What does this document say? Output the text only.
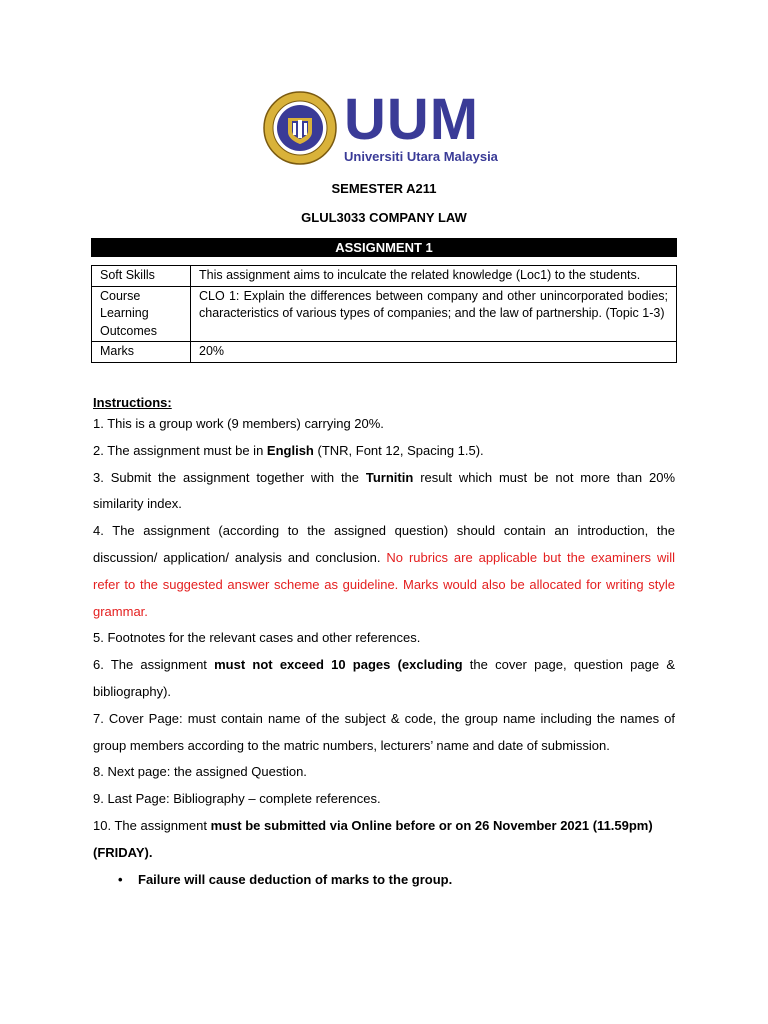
UUM
Universiti Utara Malaysia
SEMESTER A211
GLUL3033 COMPANY LAW
ASSIGNMENT 1
Soft Skills	This assignment aims to inculcate the related knowledge (Loc1) to the students.
Course Learning Outcomes	CLO 1: Explain the differences between company and other unincorporated bodies; characteristics of various types of companies; and the law of partnership. (Topic 1-3)
Marks	20%
Instructions:

1. This is a group work (9 members) carrying 20%.

2. The assignment must be in English (TNR, Font 12, Spacing 1.5).

3. Submit the assignment together with the Turnitin result which must be not more than 20% similarity index.

4. The assignment (according to the assigned question) should contain an introduction, the discussion/ application/ analysis and conclusion. No rubrics are applicable but the examiners will refer to the suggested answer scheme as guideline. Marks would also be allocated for writing style grammar.

5. Footnotes for the relevant cases and other references.

6. The assignment must not exceed 10 pages (excluding the cover page, question page & bibliography).

7. Cover Page: must contain name of the subject & code, the group name including the names of group members according to the matric numbers, lecturers’ name and date of submission.

8. Next page: the assigned Question.

9. Last Page: Bibliography – complete references.

10. The assignment must be submitted via Online before or on 26 November 2021 (11.59pm) (FRIDAY).

• Failure will cause deduction of marks to the group.
